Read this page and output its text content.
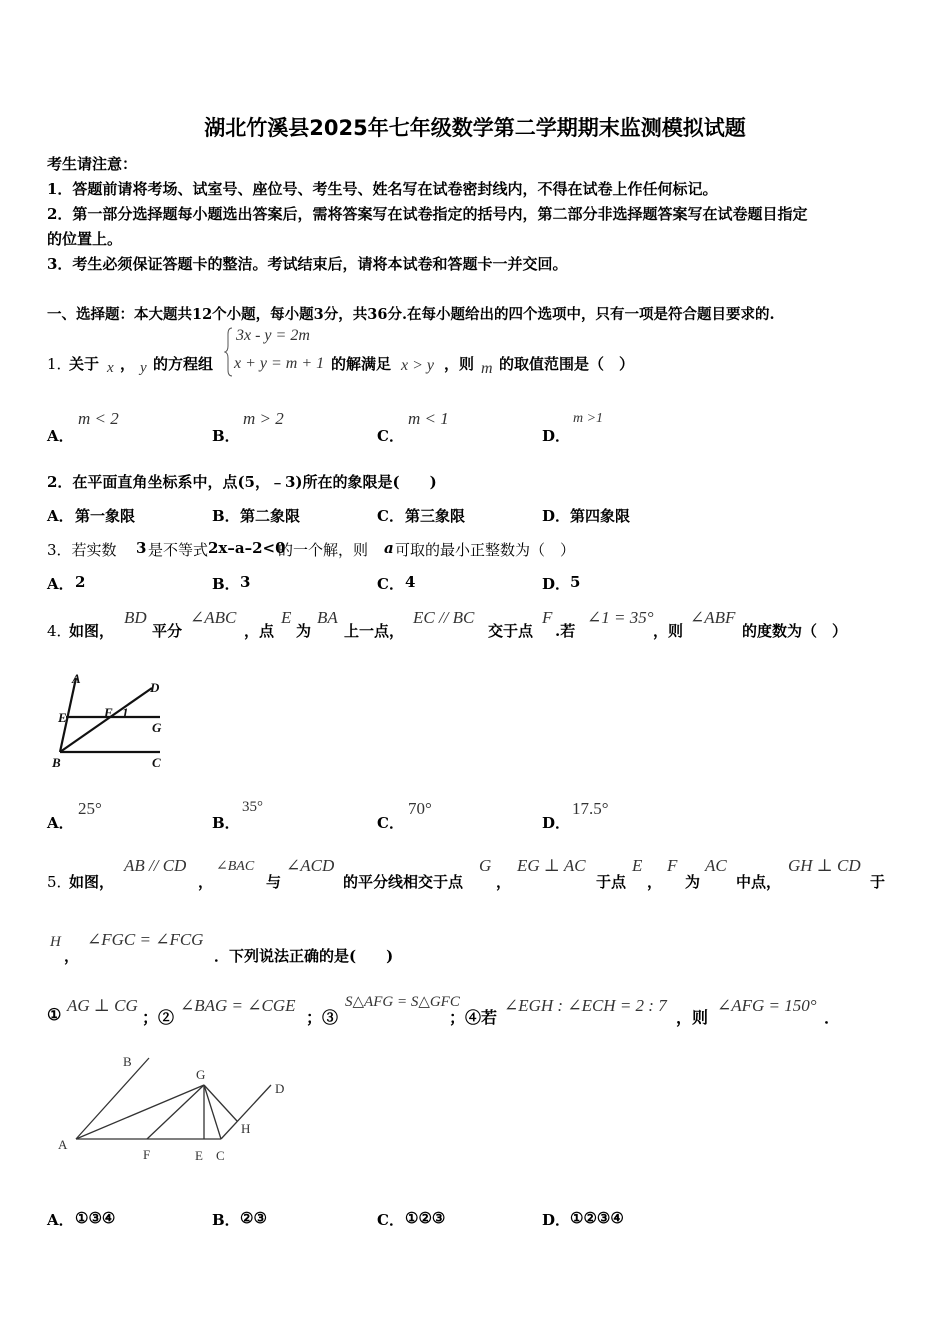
湖北竹溪县2025年七年级数学第二学期期末监测模拟试题
考生请注意：
1．答题前请将考场、试室号、座位号、考生号、姓名写在试卷密封线内，不得在试卷上作任何标记。
2．第一部分选择题每小题选出答案后，需将答案写在试卷指定的括号内，第二部分非选择题答案写在试卷题目指定
的位置上。
3．考生必须保证答题卡的整洁。考试结束后，请将本试卷和答题卡一并交回。
一、选择题：本大题共12个小题，每小题3分，共36分.在每小题给出的四个选项中，只有一项是符合题目要求的.
1．
关于 x ， y 的方程组
3x - y = 2m
x + y = m + 1 的解满足 x > y ，则 m 的取值范围是（　）
A．
m < 2
B．
m > 2
C．
m < 1
D．
m >1
2．在平面直角坐标系中，点(5，﹣3)所在的象限是(　　)
A． 第一象限	B． 第二象限	C． 第三象限	D． 第四象限
3．若实数 3 是不等式 2x–a–2<0
的一个解，则 a 可取的最小正整数为（　）
A． 2	B． 3	C． 4	D． 5
4．
如图，
BD
平分
∠ABC
，点
E
为
BA
上一点，
EC // BC
交于点
F
.若
∠1 = 35°
，则
∠ABF
的度数为（　）
A
D
E	F 1
G
B	C
A．
25°
B．
35°
C．
70°
D．
17.5°
5．
如图，
AB // CD
，
∠BAC
与
∠ACD
的平分线相交于点
G
，
EG ⊥ AC
于点
E
，
F
为
AC
中点，
GH ⊥ CD
于
H
，
∠FGC = ∠FCG
．下列说法正确的是(　　)
① AG ⊥ CG
；②
∠BAG = ∠CGE
；③
S△AFG = S△GFC
；④若
∠EGH : ∠ECH = 2 : 7
，则
∠AFG = 150°
．
B
G
D
H
A
F	E C
A． ①③④	B． ②③	C． ①②③	D． ①②③④
